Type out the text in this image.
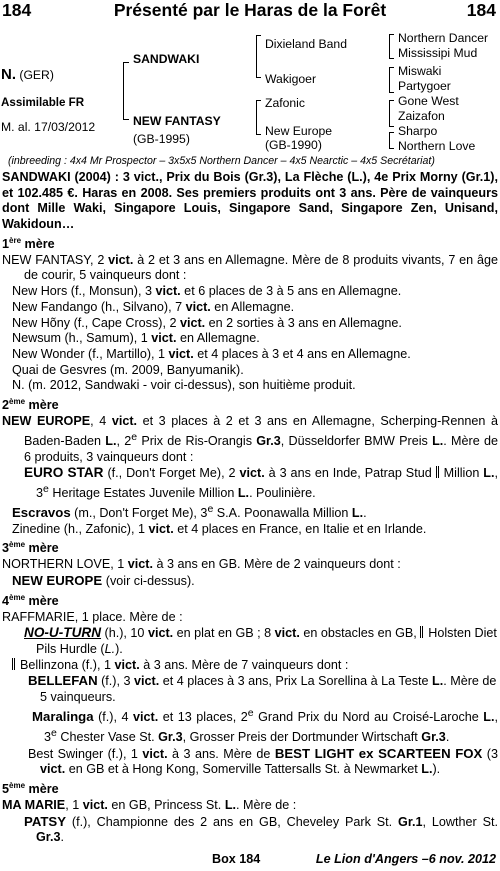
184	Présenté par le Haras de la Forêt	184
N. (GER)
Assimilable FR
M. al. 17/03/2012
SANDWAKI
NEW FANTASY
(GB-1995)
Dixieland Band
Wakigoer
Zafonic
New Europe
(GB-1990)
Northern Dancer
Mississipi Mud
Miswaki
Partygoer
Gone West
Zaizafon
Sharpo
Northern Love
(inbreeding : 4x4 Mr Prospector – 3x5x5 Northern Dancer – 4x5 Nearctic – 4x5 Secrétariat)

SANDWAKI (2004) : 3 vict., Prix du Bois (Gr.3), La Flèche (L.), 4e Prix Morny (Gr.1), et 102.485 €. Haras en 2008. Ses premiers produits ont 3 ans. Père de vainqueurs dont Mille Waki, Singapore Louis, Singapore Sand, Singapore Zen, Unisand, Wakidoun…

1ère mère

NEW FANTASY, 2 vict. à 2 et 3 ans en Allemagne. Mère de 8 produits vivants, 7 en âge de courir, 5 vainqueurs dont :

New Hors (f., Monsun), 3 vict. et 6 places de 3 à 5 ans en Allemagne.

New Fandango (h., Silvano), 7 vict. en Allemagne.

New Hõny (f., Cape Cross), 2 vict. en 2 sorties à 3 ans en Allemagne.

Newsum (h., Samum), 1 vict. en Allemagne.

New Wonder (f., Martillo), 1 vict. et 4 places à 3 et 4 ans en Allemagne.

Quai de Gesvres (m. 2009, Banyumanik).

N. (m. 2012, Sandwaki - voir ci-dessus), son huitième produit.

2ème mère

NEW EUROPE, 4 vict. et 3 places à 2 et 3 ans en Allemagne, Scherping-Rennen à Baden-Baden L., 2e Prix de Ris-Orangis Gr.3, Düsseldorfer BMW Preis L.. Mère de 6 produits, 3 vainqueurs dont :

EURO STAR (f., Don't Forget Me), 2 vict. à 3 ans en Inde, Patrap Stud Million L., 3e Heritage Estates Juvenile Million L.. Poulinière.

Escravos (m., Don't Forget Me), 3e S.A. Poonawalla Million L..

Zinedine (h., Zafonic), 1 vict. et 4 places en France, en Italie et en Irlande.

3ème mère

NORTHERN LOVE, 1 vict. à 3 ans en GB. Mère de 2 vainqueurs dont :

NEW EUROPE (voir ci-dessus).

4ème mère

RAFFMARIE, 1 place. Mère de :

NO-U-TURN (h.), 10 vict. en plat en GB ; 8 vict. en obstacles en GB, Holsten Diet Pils Hurdle (L.).

Bellinzona (f.), 1 vict. à 3 ans. Mère de 7 vainqueurs dont :

BELLEFAN (f.), 3 vict. et 4 places à 3 ans, Prix La Sorellina à La Teste L.. Mère de 5 vainqueurs.

Maralinga (f.), 4 vict. et 13 places, 2e Grand Prix du Nord au Croisé-Laroche L., 3e Chester Vase St. Gr.3, Grosser Preis der Dortmunder Wirtschaft Gr.3.

Best Swinger (f.), 1 vict. à 3 ans. Mère de BEST LIGHT ex SCARTEEN FOX (3 vict. en GB et à Hong Kong, Somerville Tattersalls St. à Newmarket L.).

5ème mère

MA MARIE, 1 vict. en GB, Princess St. L.. Mère de :

PATSY (f.), Championne des 2 ans en GB, Cheveley Park St. Gr.1, Lowther St. Gr.3.

Box 184	Le Lion d'Angers –6 nov. 2012
